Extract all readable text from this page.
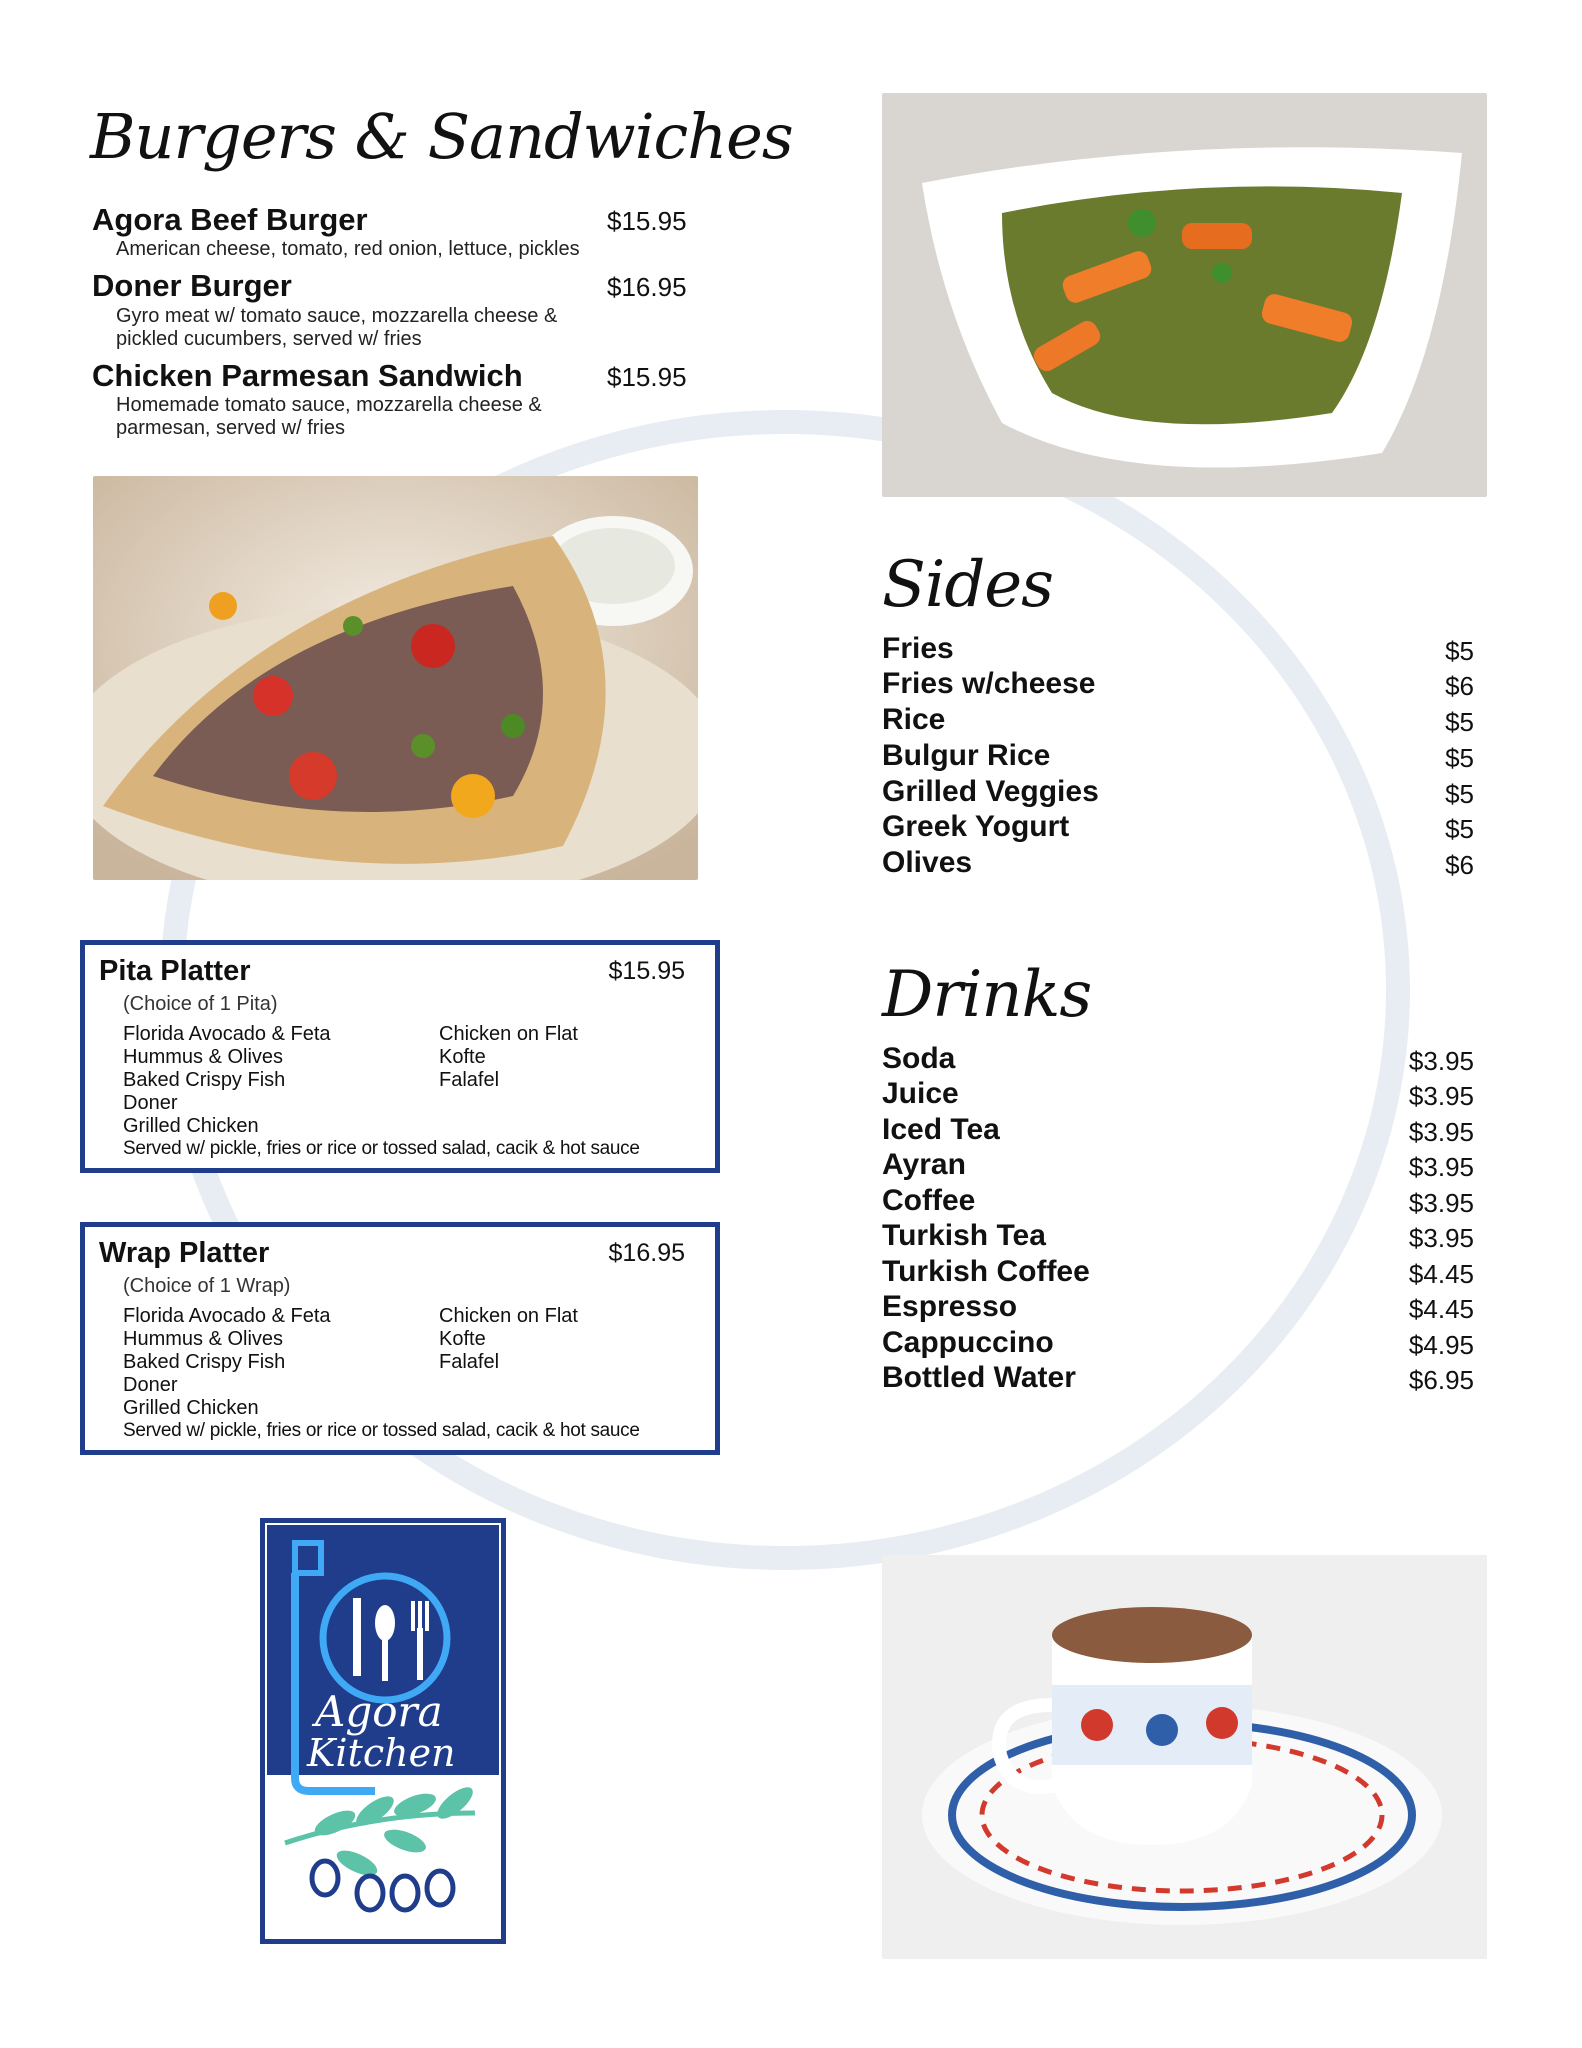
Burgers & Sandwiches
Agora Beef Burger	$15.95
American cheese, tomato, red onion, lettuce, pickles
Doner Burger	$16.95
Gyro meat w/ tomato sauce, mozzarella cheese & pickled cucumbers, served w/ fries
Chicken Parmesan Sandwich	$15.95
Homemade tomato sauce, mozzarella cheese & parmesan, served w/ fries
Sides
Fries	$5
Fries w/cheese	$6
Rice	$5
Bulgur Rice	$5
Grilled Veggies	$5
Greek Yogurt	$5
Olives	$6
Drinks
Soda	$3.95
Juice	$3.95
Iced Tea	$3.95
Ayran	$3.95
Coffee	$3.95
Turkish Tea	$3.95
Turkish Coffee	$4.45
Espresso	$4.45
Cappuccino	$4.95
Bottled Water	$6.95
Pita Platter	$15.95
(Choice of 1 Pita)
Florida Avocado & Feta
Hummus & Olives
Baked Crispy Fish
Doner
Grilled Chicken
Chicken on Flat
Kofte
Falafel
Served w/ pickle, fries or rice or tossed salad, cacik & hot sauce
Wrap Platter	$16.95
(Choice of 1 Wrap)
Florida Avocado & Feta
Hummus & Olives
Baked Crispy Fish
Doner
Grilled Chicken
Chicken on Flat
Kofte
Falafel
Served w/ pickle, fries or rice or tossed salad, cacik & hot sauce
Agora
Kitchen
